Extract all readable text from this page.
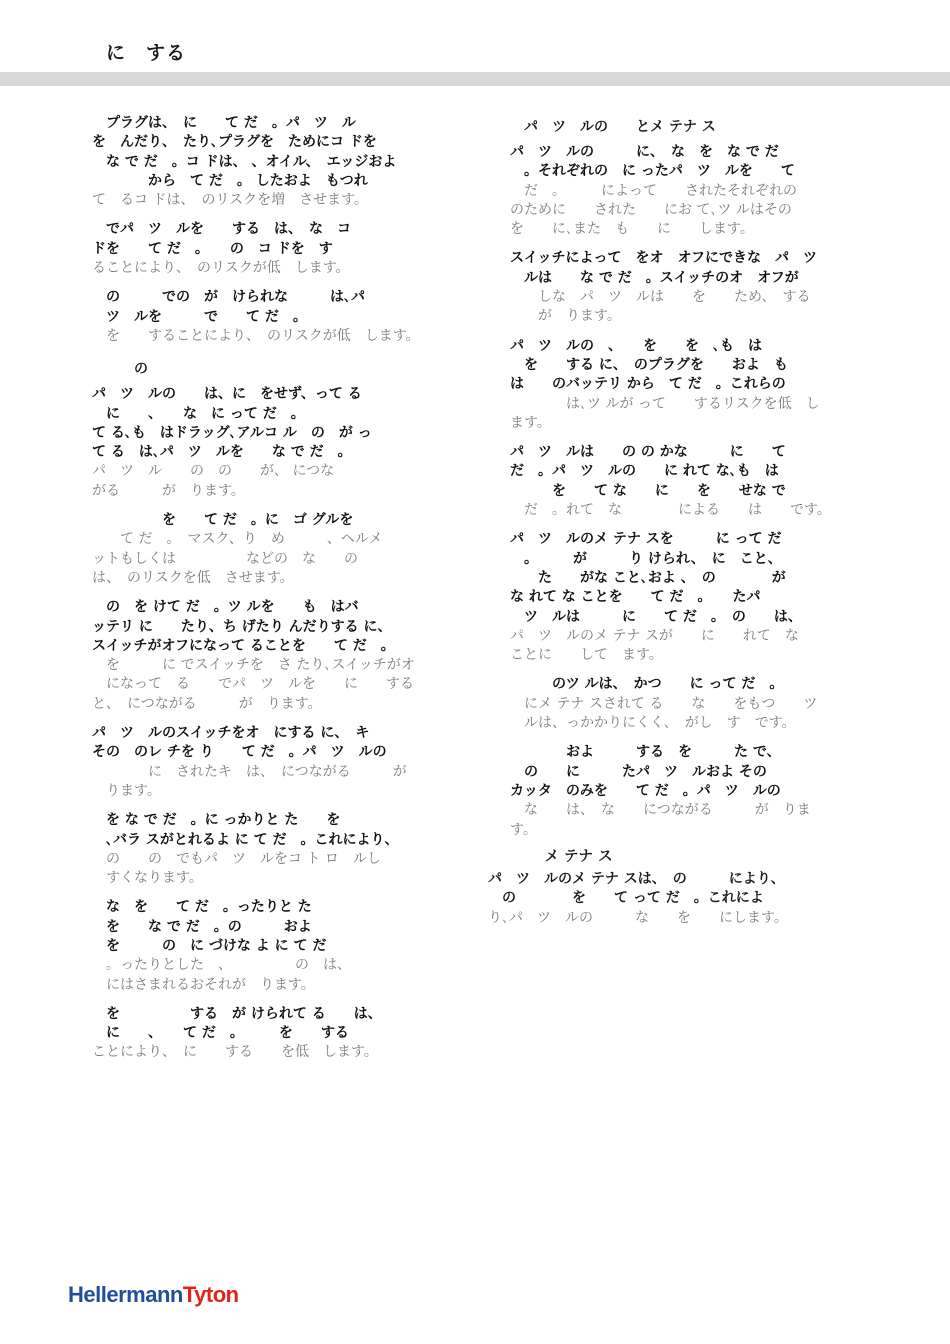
に　する
　プラグは、　に　　て だ　。パ　ツ　ル
を　んだり、　たり､プラグを　ためにコ ドを
　な で だ　。コ ドは、 、オイル、　エッジおよ
　　　　から　て だ　。 したおよ　もつれ
て　るコ ドは、　のリスクを増　させます。
　でパ　ツ　ルを　　する　は、　な　コ
ドを　　て だ　。　　の　コ ドを　す
ることにより、　のリスクが低　します。
　の　　　での　が　けられな　　　は､パ
　ツ　ルを　　　で　　て だ　。
　を　　することにより、　のリスクが低　します。
　　　の
パ　ツ　ルの　　は、に　をせず、って る
　に　　、　　な　に って だ　。
て る､も　はドラッグ､アルコ ル　の　が っ
て る　は､パ　ツ　ルを　　な で だ　。
パ　ツ　ル　　の　の　　が、 につな
がる　　　が　ります。
　　　　　を　　て だ　。に　ゴ グルを
　　て だ　。　マスク、り　め　　　、ヘルメ
ットもしくは　　　　　などの　な　　の
は、　のリスクを低　させます。
　の　を けて だ　。ツ ルを　　も　はバ
ッテリ に　　たり、ち げたり んだりする に、
スイッチがオフになって ることを　　て だ　。
　を　　　に でスイッチを　さ たり､スイッチがオ
　になって　る　　でパ　ツ　ルを　　に　　する
と、　につながる　　　が　ります。
パ　ツ　ルのスイッチをオ　にする に、　キ
その　のレ チを り　　て だ　。パ　ツ　ルの
　　　　に　されたキ　は、　につながる　　　が
　ります。
　を な で だ　。に っかりと た　　を
　､バラ スがとれるよ に て だ　。これにより、
　の　　の　でもパ　ツ　ルをコ ト ロ　ルし
　すくなります。
　な　を　　て だ　。ったりと た
　を　　な で だ　。の　　　およ
　を　　　の　に づけな よ に て だ
　。ったりとした　、　　　　　の　は、
　にはさまれるおそれが　ります。
　を　　　　　する　が けられて る　　は、
　に　　、　　て だ　。　　　を　　する
ことにより、　に　　する　　を低　します。
　パ　ツ　ルの　　とメ テナ ス
パ　ツ　ルの　　　に、　な　を　な で だ
　。それぞれの　に ったパ　ツ　ルを　　て
　だ　。　　　によって　　されたそれぞれの
のために　　された　　にお て､ツ ルはその
を　　に､また　も　　に　　します。
スイッチによって　をオ　オフにできな　パ　ツ
　ルは　　な で だ　。スイッチのオ　オフが
　　しな　パ　ツ　ルは　　を　　ため、　する
　　が　ります。
パ　ツ　ルの　、　　を　　を　､も　は
　を　　する に、　のプラグを　　およ　も
は　　のバッテリ から　て だ　。これらの
　　　　は､ツ ルが って　　するリスクを低　し
ます。
パ　ツ　ルは　　の の かな　　　に　　て
だ　。パ　ツ　ルの　　に れて な､も　は
　　　を　　て な　　に　　を　　せな で
　だ　。れて　な　　　　による　　は　　です。
パ　ツ　ルのメ テナ スを　　　に って だ
　。　　　が　　　り けられ、　に　こと、
　　た　　がな こと､およ 、　の　　　　が
な れて な ことを　　て だ　。　　たパ
　ツ　ルは　　　に　　て だ　。　の　　は、
パ　ツ　ルのメ テナ スが　　に　　れて　な
ことに　　して　ます。
　　　のツ ルは、　かつ　　に って だ　。
　にメ テナ スされて る　　な　　をもつ　　ツ
　ルは、っかかりにくく、　がし　す　です。
　　　　およ　　　する　を　　　た で、
　の　　に　　　たパ　ツ　ルおよ その
カッタ　のみを　　て だ　。パ　ツ　ルの
　な　　は、　な　　につながる　　　が　りま
す。
　メ テナ ス
パ　ツ　ルのメ テナ スは、　の　　　により、
　の　　　　を　　て って だ　。これによ
り､パ　ツ　ルの　　　な　　を　　にします。
HellermannTyton
